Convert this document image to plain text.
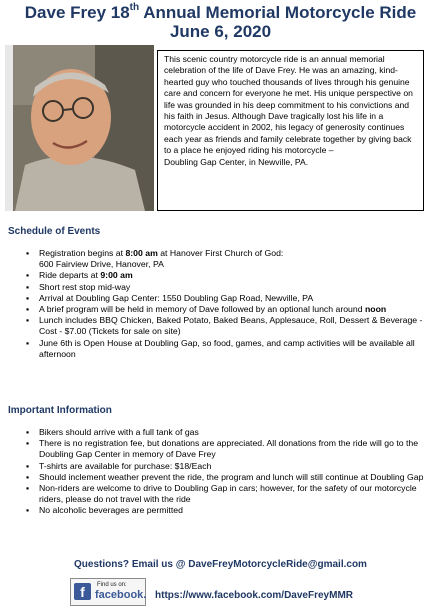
Dave Frey 18th Annual Memorial Motorcycle Ride
June 6, 2020
This scenic country motorcycle ride is an annual memorial celebration of the life of Dave Frey. He was an amazing, kind-hearted guy who touched thousands of lives through his genuine care and concern for everyone he met. His unique perspective on life was grounded in his deep commitment to his convictions and his faith in Jesus. Although Dave tragically lost his life in a motorcycle accident in 2002, his legacy of generosity continues each year as friends and family celebrate together by giving back to a place he enjoyed riding his motorcycle –
Doubling Gap Center, in Newville, PA.
Schedule of Events
▪ Registration begins at 8:00 am at Hanover First Church of God:
600 Fairview Drive, Hanover, PA
▪ Ride departs at 9:00 am
▪ Short rest stop mid-way
▪ Arrival at Doubling Gap Center: 1550 Doubling Gap Road, Newville, PA
▪ A brief program will be held in memory of Dave followed by an optional lunch around noon
▪ Lunch includes BBQ Chicken, Baked Potato, Baked Beans, Applesauce, Roll, Dessert & Beverage - Cost - $7.00 (Tickets for sale on site)
▪ June 6th is Open House at Doubling Gap, so food, games, and camp activities will be available all afternoon
Important Information
▪ Bikers should arrive with a full tank of gas
▪ There is no registration fee, but donations are appreciated. All donations from the ride will go to the Doubling Gap Center in memory of Dave Frey
▪ T-shirts are available for purchase: $18/Each
▪ Should inclement weather prevent the ride, the program and lunch will still continue at Doubling Gap
▪ Non-riders are welcome to drive to Doubling Gap in cars; however, for the safety of our motorcycle riders, please do not travel with the ride
▪ No alcoholic beverages are permitted
Questions? Email us @ DaveFreyMotorcycleRide@gmail.com
f	Find us on:
facebook. https://www.facebook.com/DaveFreyMMR
